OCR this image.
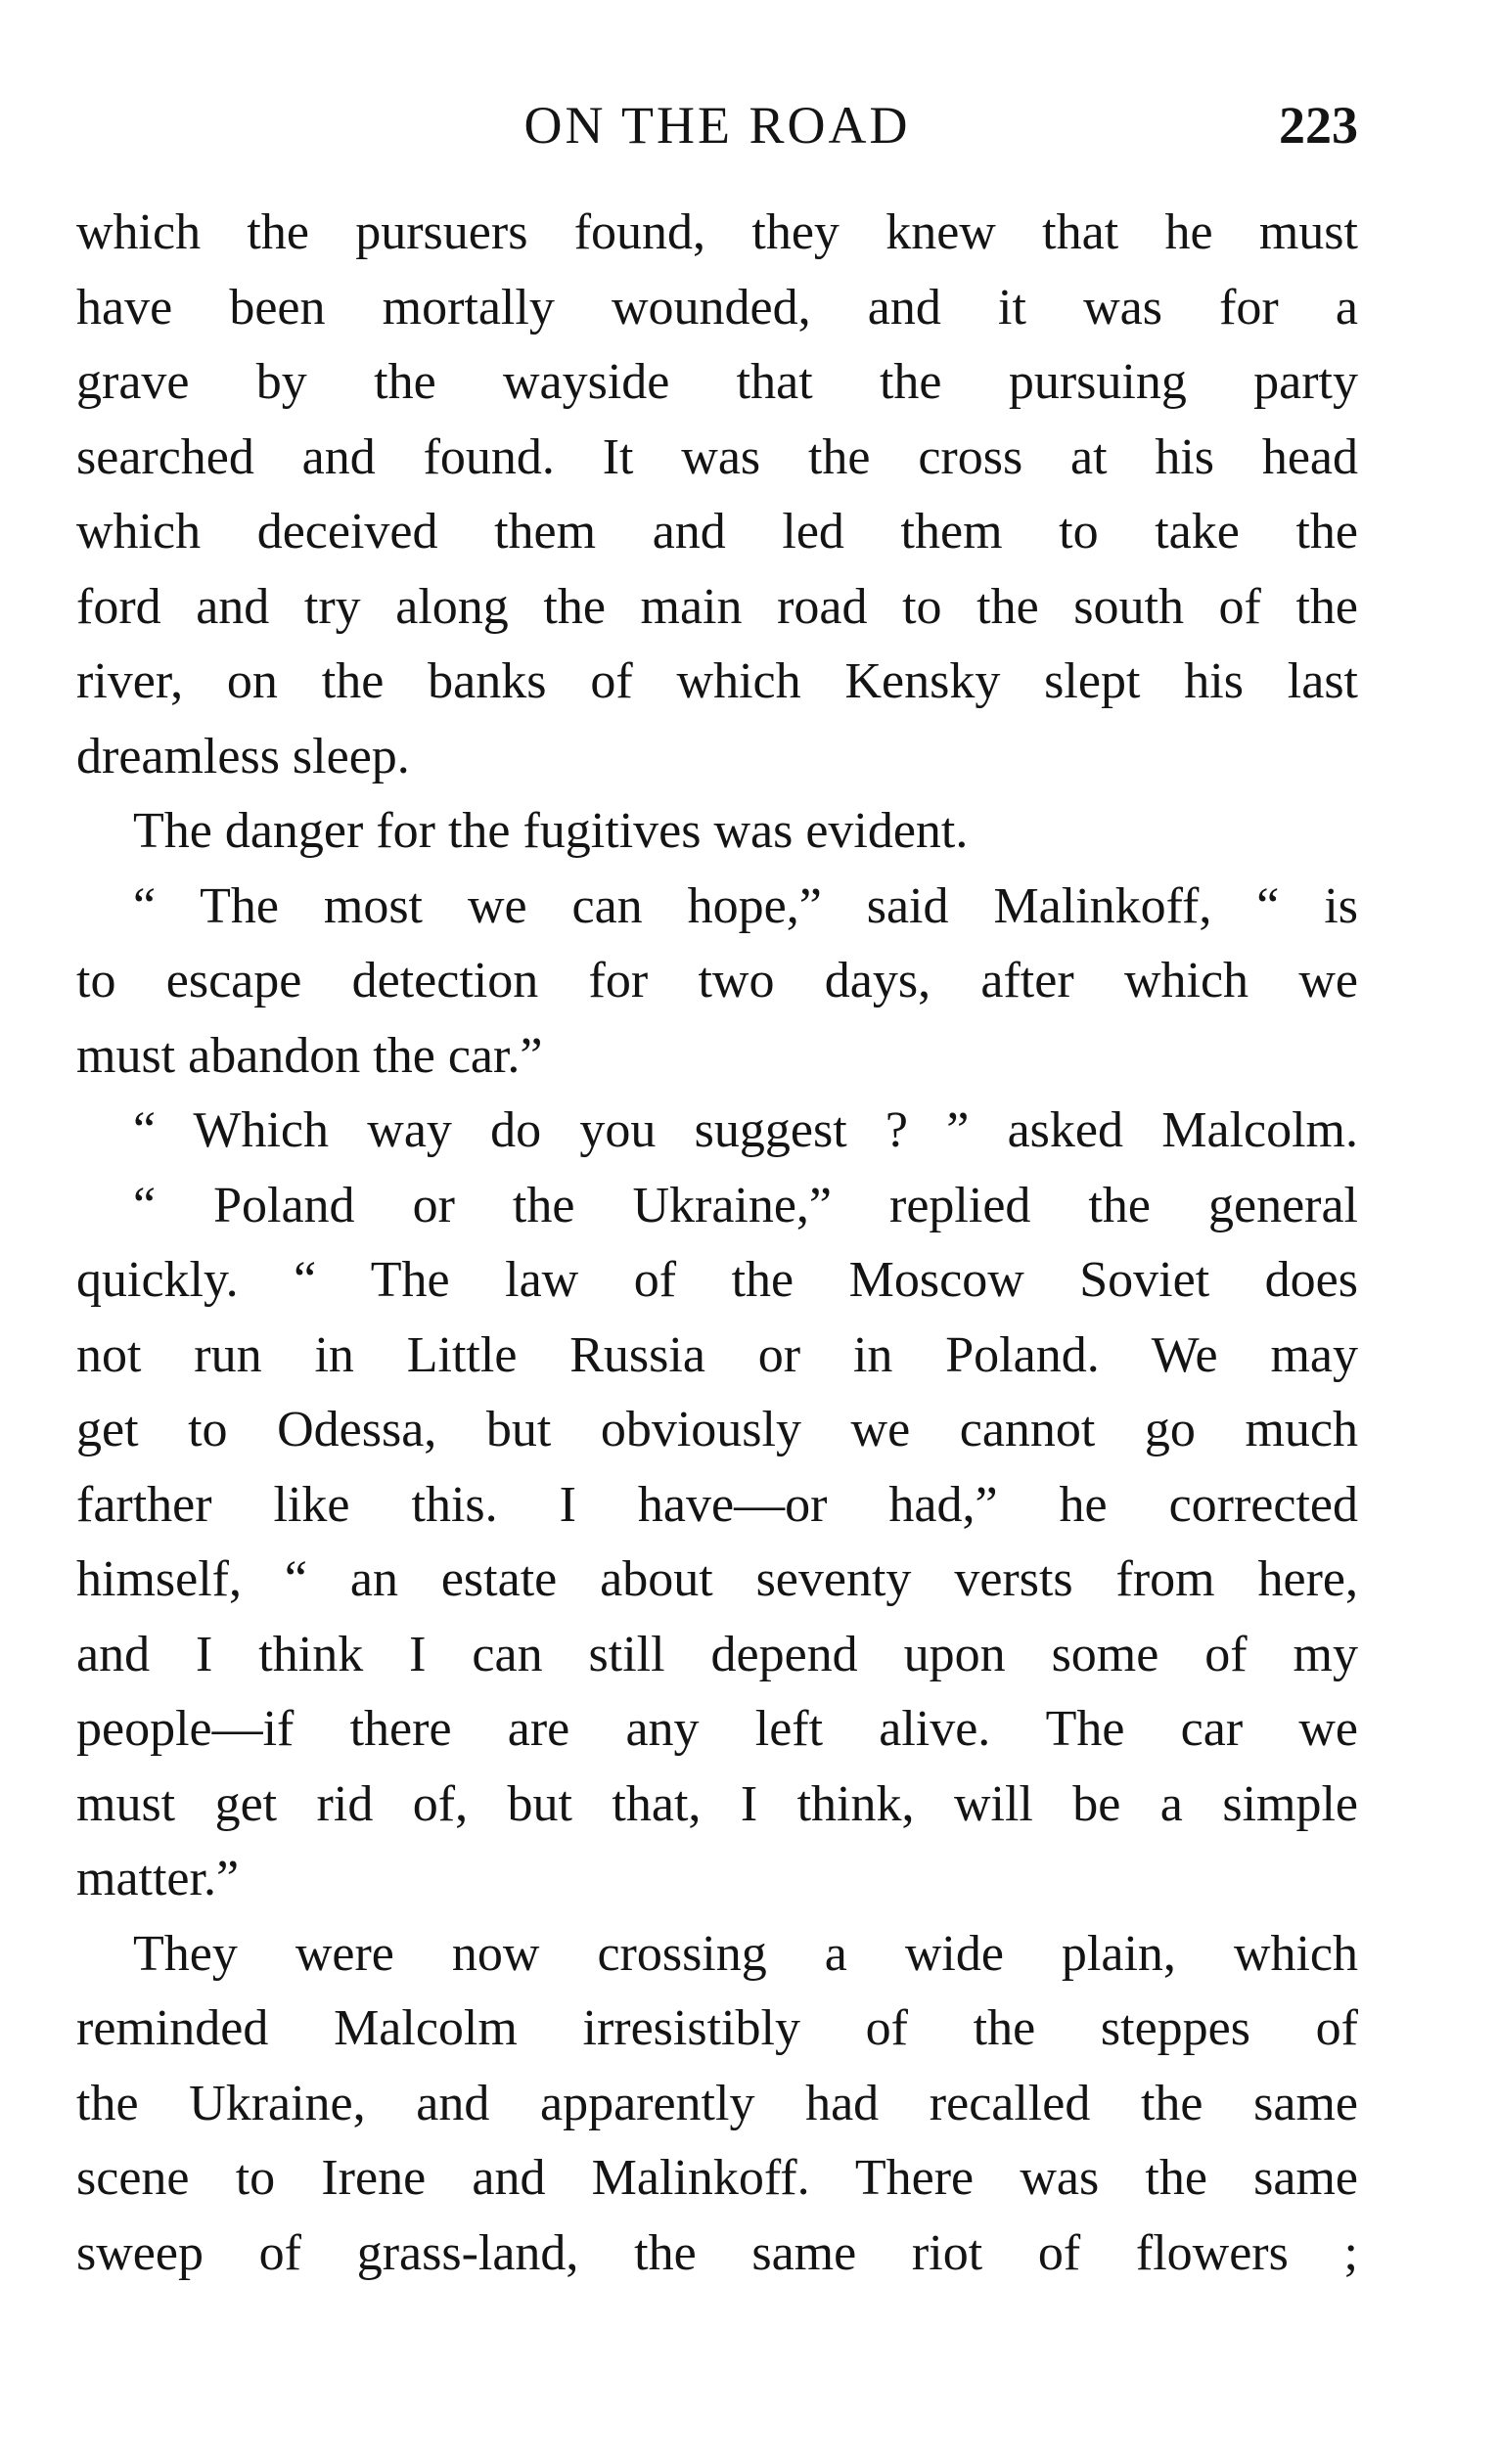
ON THE ROAD	223
which the pursuers found, they knew that he must
have been mortally wounded, and it was for a
grave by the wayside that the pursuing party
searched and found. It was the cross at his head
which deceived them and led them to take the
ford and try along the main road to the south of the
river, on the banks of which Kensky slept his last
dreamless sleep.
The danger for the fugitives was evident.
“ The most we can hope,” said Malinkoff, “ is
to escape detection for two days, after which we
must abandon the car.”
“ Which way do you suggest ? ” asked Malcolm.
“ Poland or the Ukraine,” replied the general
quickly. “ The law of the Moscow Soviet does
not run in Little Russia or in Poland. We may
get to Odessa, but obviously we cannot go much
farther like this. I have—or had,” he corrected
himself, “ an estate about seventy versts from here,
and I think I can still depend upon some of my
people—if there are any left alive. The car we
must get rid of, but that, I think, will be a simple
matter.”
They were now crossing a wide plain, which
reminded Malcolm irresistibly of the steppes of
the Ukraine, and apparently had recalled the same
scene to Irene and Malinkoff. There was the same
sweep of grass-land, the same riot of flowers ;
